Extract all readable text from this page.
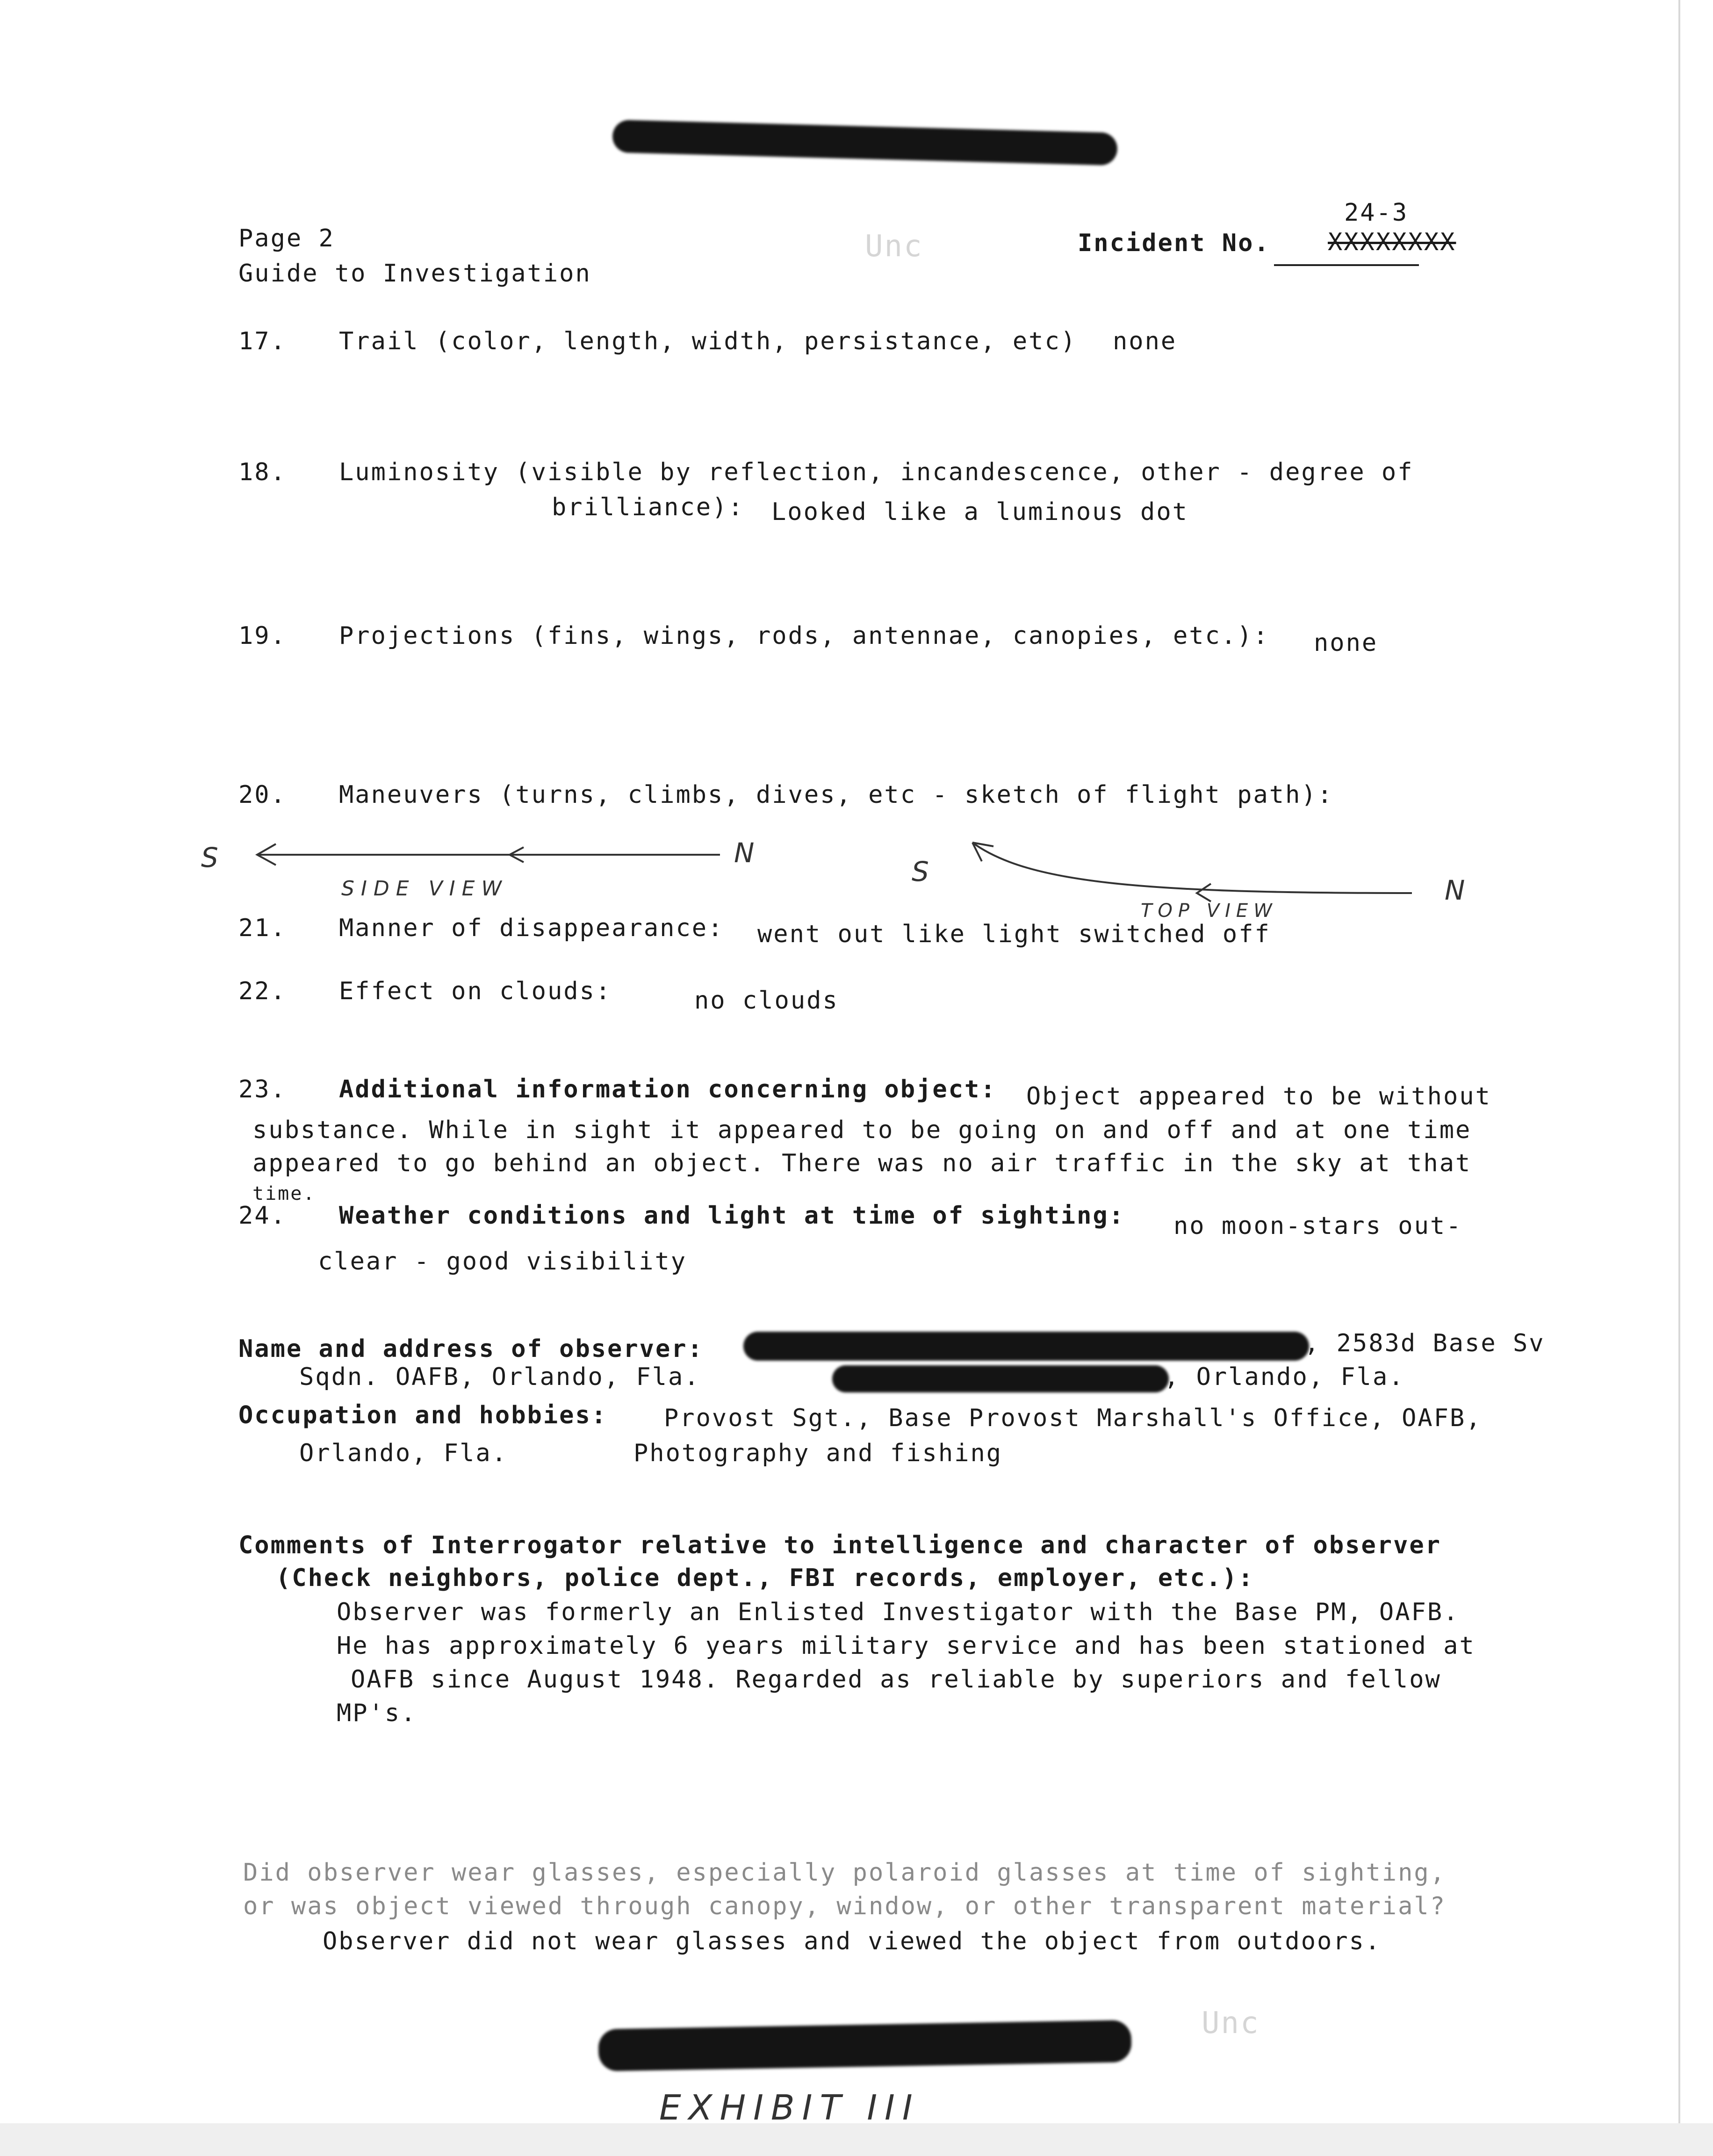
Page 2
Guide to Investigation
Unc	Incident No.
24-3
XXXXXXXX
17. Trail (color, length, width, persistance, etc) none
18. Luminosity (visible by reflection, incandescence, other - degree of
brilliance): Looked like a luminous dot
19. Projections (fins, wings, rods, antennae, canopies, etc.): none
20. Maneuvers (turns, climbs, dives, etc - sketch of flight path):
S	N
SIDE VIEW
S
N
TOP VIEW
21. Manner of disappearance: went out like light switched off
22. Effect on clouds:	no clouds
23. Additional information concerning object: Object appeared to be without
substance. While in sight it appeared to be going on and off and at one time
appeared to go behind an object. There was no air traffic in the sky at that
time.
24. Weather conditions and light at time of sighting: no moon-stars out-
clear - good visibility
Name and address of observer:	, 2583d Base Sv
Sqdn. OAFB, Orlando, Fla.	, Orlando, Fla.
Occupation and hobbies: Provost Sgt., Base Provost Marshall's Office, OAFB,
Orlando, Fla.	Photography and fishing
Comments of Interrogator relative to intelligence and character of observer
(Check neighbors, police dept., FBI records, employer, etc.):
Observer was formerly an Enlisted Investigator with the Base PM, OAFB.
He has approximately 6 years military service and has been stationed at
OAFB since August 1948. Regarded as reliable by superiors and fellow
MP's.
Did observer wear glasses, especially polaroid glasses at time of sighting,
or was object viewed through canopy, window, or other transparent material?
Observer did not wear glasses and viewed the object from outdoors.
Unc
EXHIBIT III
